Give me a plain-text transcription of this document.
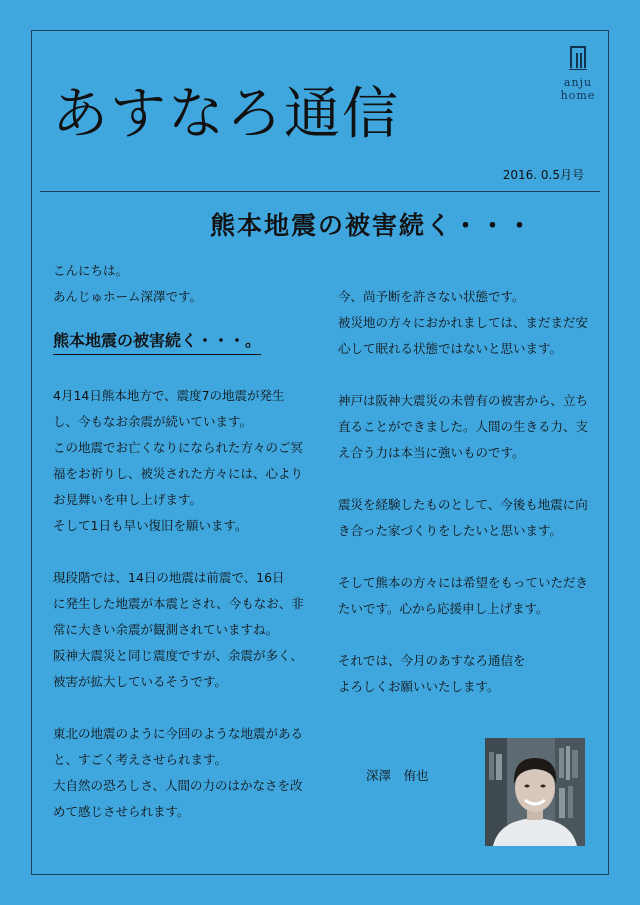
あすなろ通信	anju
home
2016. 0.5月号
熊本地震の被害続く・・・

こんにちは。

あんじゅホーム深澤です。

熊本地震の被害続く・・・。

4月14日熊本地方で、震度7の地震が発生

し、今もなお余震が続いています。

この地震でお亡くなりになられた方々のご冥

福をお祈りし、被災された方々には、心より

お見舞いを申し上げます。

そして1日も早い復旧を願います。

現段階では、14日の地震は前震で、16日

に発生した地震が本震とされ、今もなお、非

常に大きい余震が観測されていますね。

阪神大震災と同じ震度ですが、余震が多く、

被害が拡大しているそうです。

東北の地震のように今回のような地震がある

と、すごく考えさせられます。

大自然の恐ろしさ、人間の力のはかなさを改

めて感じさせられます。

今、尚予断を許さない状態です。

被災地の方々におかれましては、まだまだ安

心して眠れる状態ではないと思います。

神戸は阪神大震災の未曾有の被害から、立ち

直ることができました。人間の生きる力、支

え合う力は本当に強いものです。

震災を経験したものとして、今後も地震に向

き合った家づくりをしたいと思います。

そして熊本の方々には希望をもっていただき

たいです。心から応援申し上げます。

それでは、今月のあすなろ通信を

よろしくお願いいたします。

深澤　侑也
